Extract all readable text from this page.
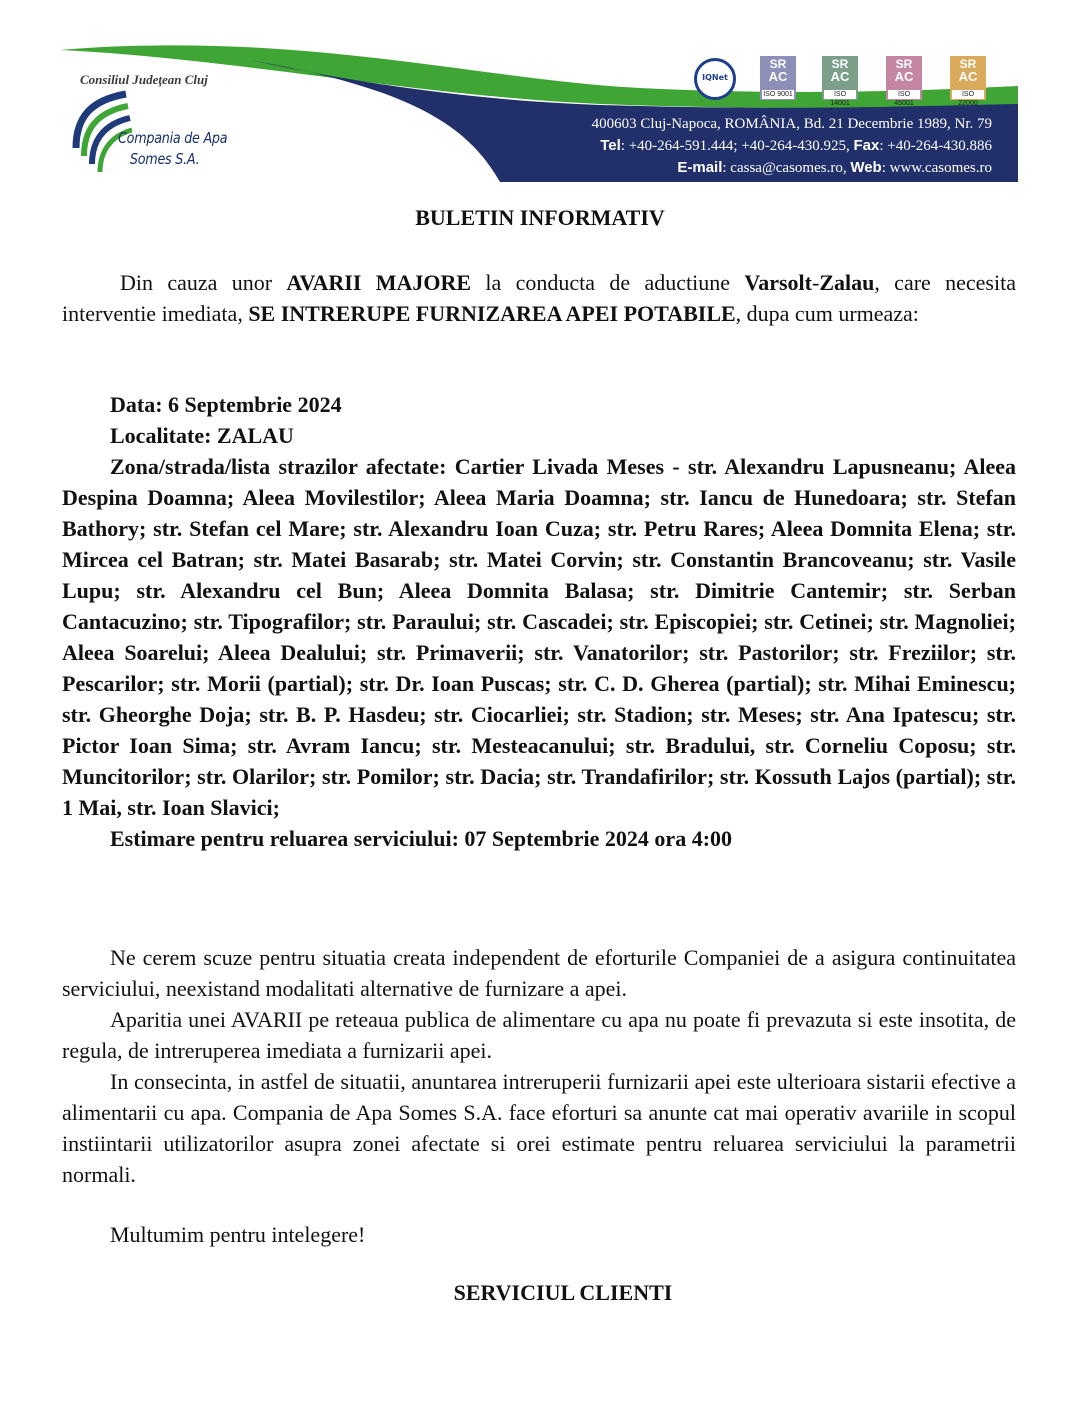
Consiliul Judeţean Cluj
Compania de Apa
Somes S.A.
IQNet
SR
AC
ISO 9001
SR
AC
ISO 14001
SR
AC
ISO 45001
SR
AC
ISO 22000
400603 Cluj-Napoca, ROMÂNIA, Bd. 21 Decembrie 1989, Nr. 79
Tel: +40-264-591.444; +40-264-430.925, Fax: +40-264-430.886
E-mail: cassa@casomes.ro, Web: www.casomes.ro
BULETIN INFORMATIV
Din cauza unor AVARII MAJORE la conducta de aductiune Varsolt-Zalau, care necesita interventie imediata, SE INTRERUPE FURNIZAREA APEI POTABILE, dupa cum urmeaza:
Data: 6 Septembrie 2024
Localitate: ZALAU
Zona/strada/lista strazilor afectate: Cartier Livada Meses - str. Alexandru Lapusneanu; Aleea Despina Doamna; Aleea Movilestilor; Aleea Maria Doamna; str. Iancu de Hunedoara; str. Stefan Bathory; str. Stefan cel Mare; str. Alexandru Ioan Cuza; str. Petru Rares; Aleea Domnita Elena; str. Mircea cel Batran; str. Matei Basarab; str. Matei Corvin; str. Constantin Brancoveanu; str. Vasile Lupu; str. Alexandru cel Bun; Aleea Domnita Balasa; str. Dimitrie Cantemir; str. Serban Cantacuzino; str. Tipografilor; str. Paraului; str. Cascadei; str. Episcopiei; str. Cetinei; str. Magnoliei; Aleea Soarelui; Aleea Dealului; str. Primaverii; str. Vanatorilor; str. Pastorilor; str. Freziilor; str. Pescarilor; str. Morii (partial); str. Dr. Ioan Puscas; str. C. D. Gherea (partial); str. Mihai Eminescu; str. Gheorghe Doja; str. B. P. Hasdeu; str. Ciocarliei; str. Stadion; str. Meses; str. Ana Ipatescu; str. Pictor Ioan Sima; str. Avram Iancu; str. Mesteacanului; str. Bradului, str. Corneliu Coposu; str. Muncitorilor; str. Olarilor; str. Pomilor; str. Dacia; str. Trandafirilor; str. Kossuth Lajos (partial); str. 1 Mai, str. Ioan Slavici;
Estimare pentru reluarea serviciului: 07 Septembrie 2024 ora 4:00
Ne cerem scuze pentru situatia creata independent de eforturile Companiei de a asigura continuitatea serviciului, neexistand modalitati alternative de furnizare a apei.
Aparitia unei AVARII pe reteaua publica de alimentare cu apa nu poate fi prevazuta si este insotita, de regula, de intreruperea imediata a furnizarii apei.
In consecinta, in astfel de situatii, anuntarea intreruperii furnizarii apei este ulterioara sistarii efective a alimentarii cu apa. Compania de Apa Somes S.A. face eforturi sa anunte cat mai operativ avariile in scopul instiintarii utilizatorilor asupra zonei afectate si orei estimate pentru reluarea serviciului la parametrii normali.
Multumim pentru intelegere!
SERVICIUL CLIENTI
